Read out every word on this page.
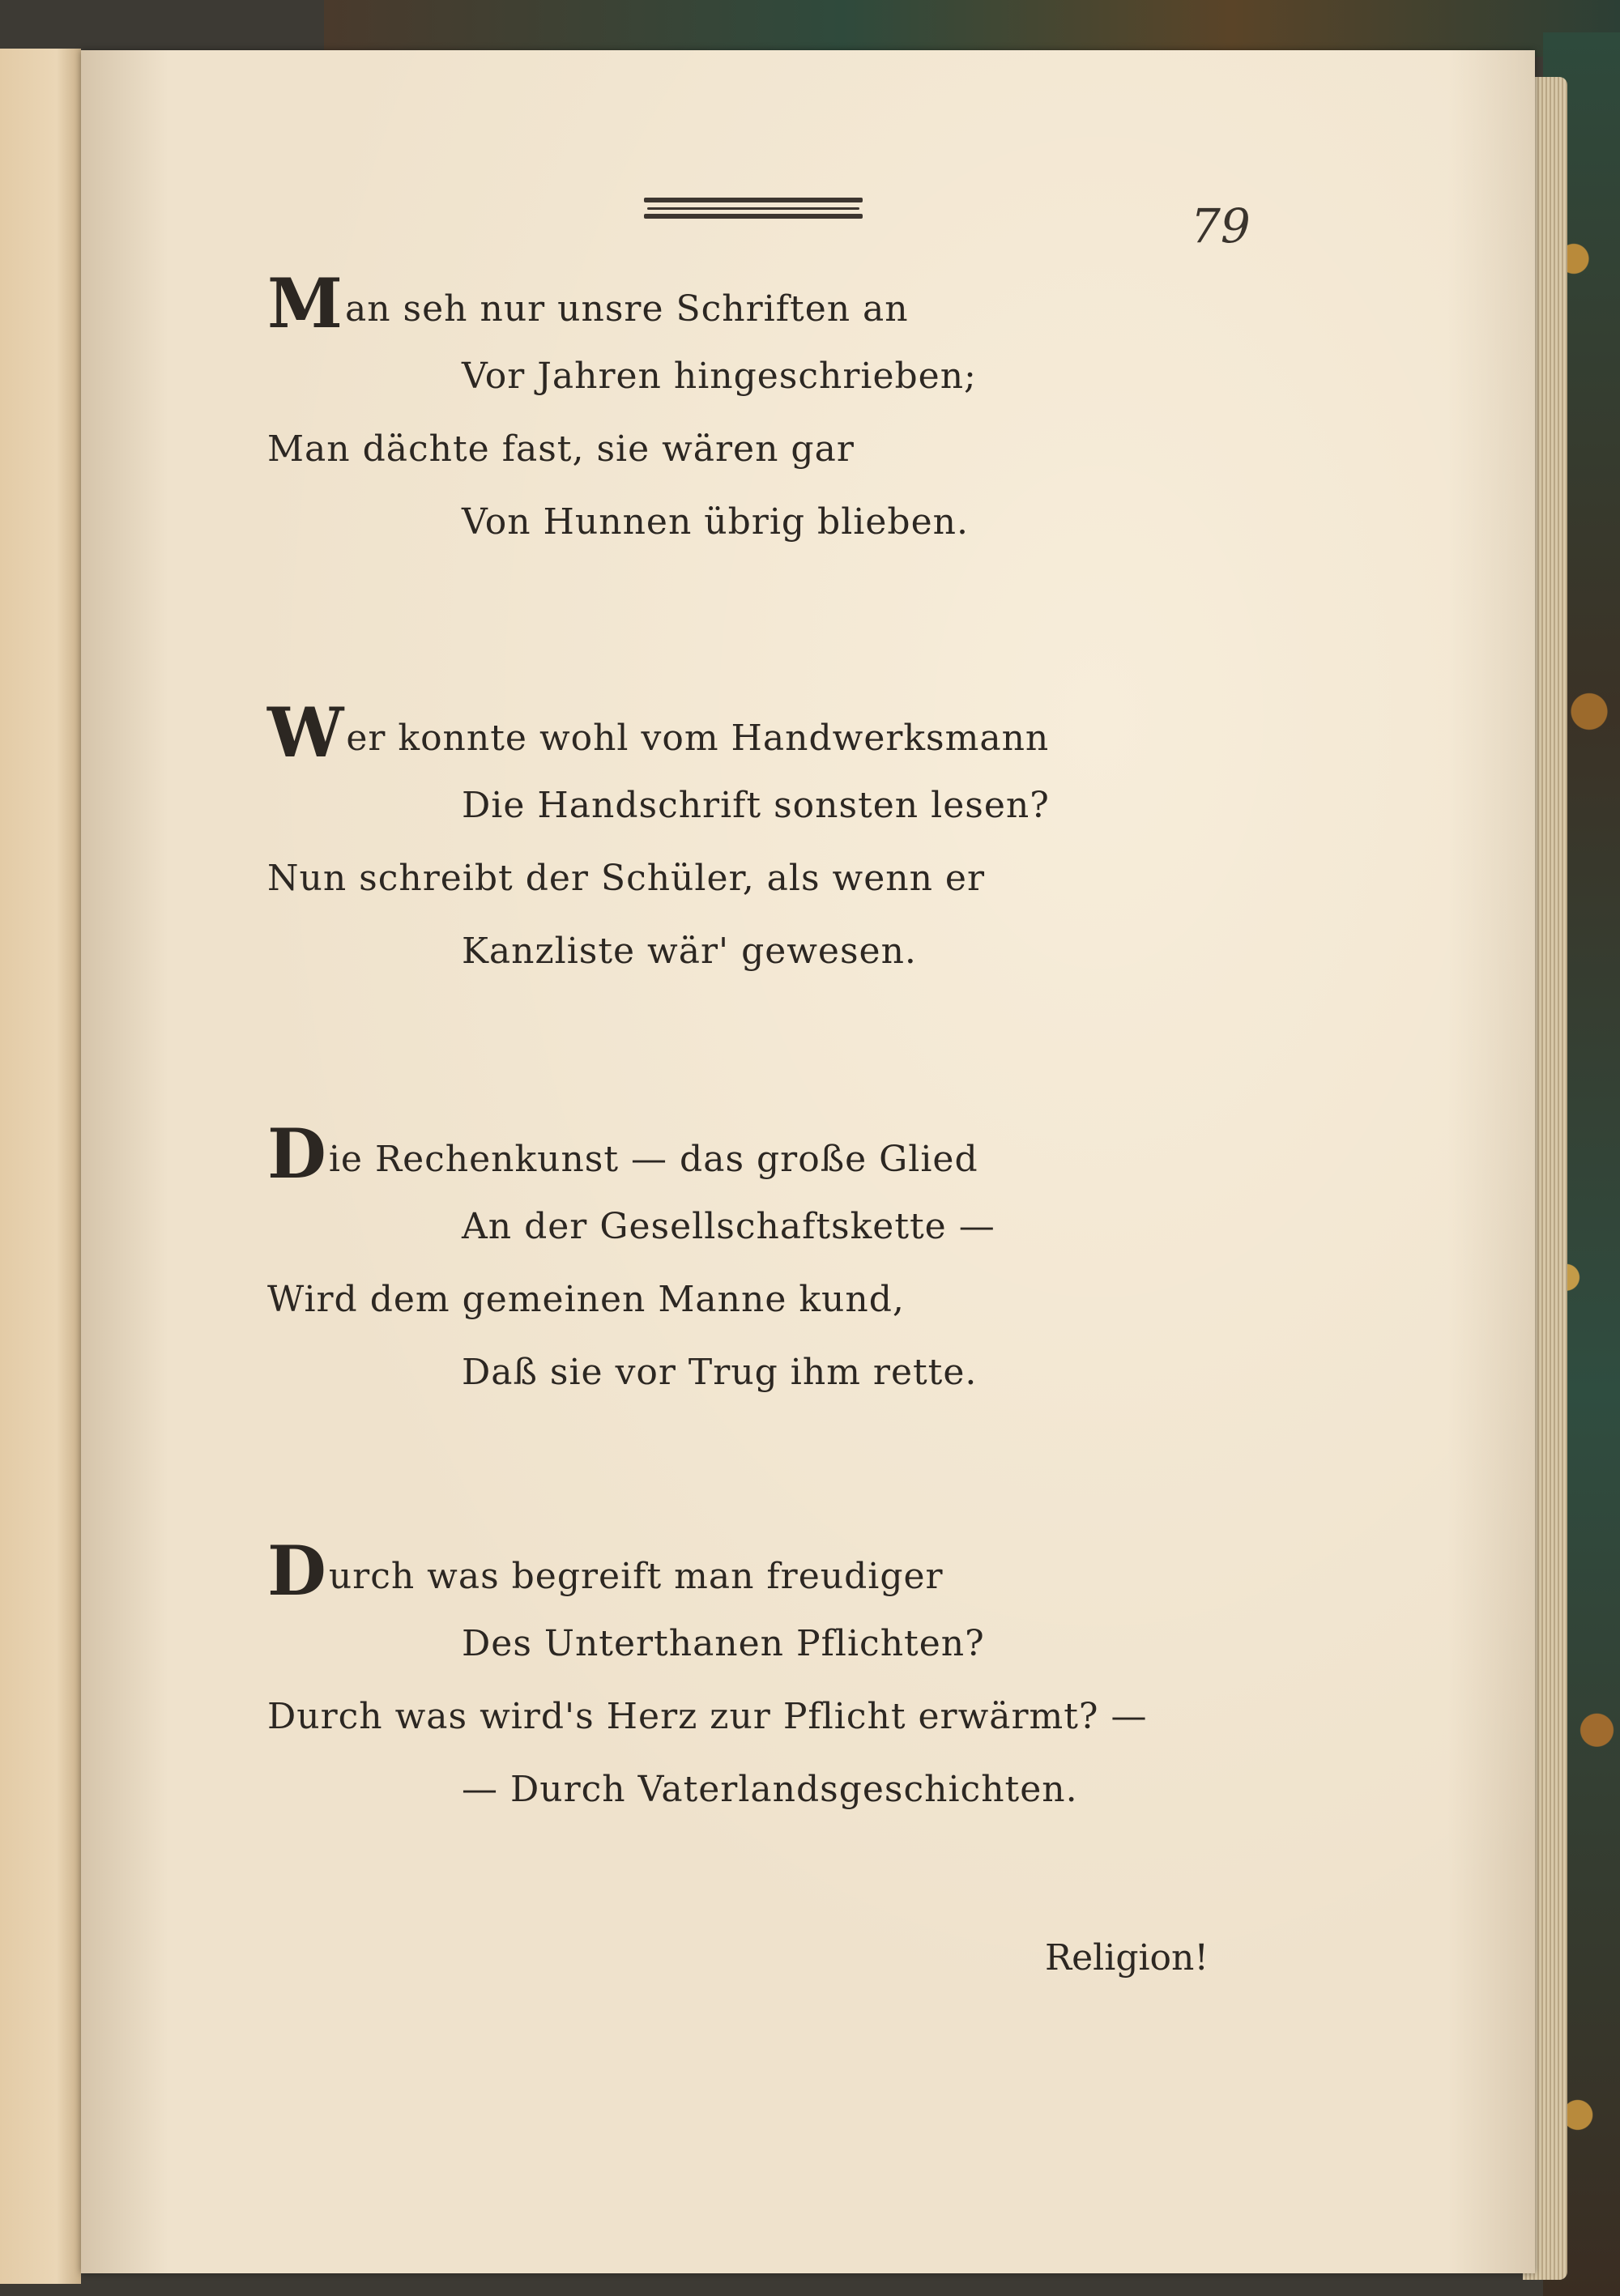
79
Man seh nur unsre Schriften an
Vor Jahren hingeschrieben;
Man dächte fast, sie wären gar
Von Hunnen übrig blieben.
Wer konnte wohl vom Handwerksmann
Die Handschrift sonsten lesen?
Nun schreibt der Schüler, als wenn er
Kanzliste wär' gewesen.
Die Rechenkunst — das große Glied
An der Gesellschaftskette —
Wird dem gemeinen Manne kund,
Daß sie vor Trug ihm rette.
Durch was begreift man freudiger
Des Unterthanen Pflichten?
Durch was wird's Herz zur Pflicht erwärmt? —
— Durch Vaterlandsgeschichten.
Religion!
